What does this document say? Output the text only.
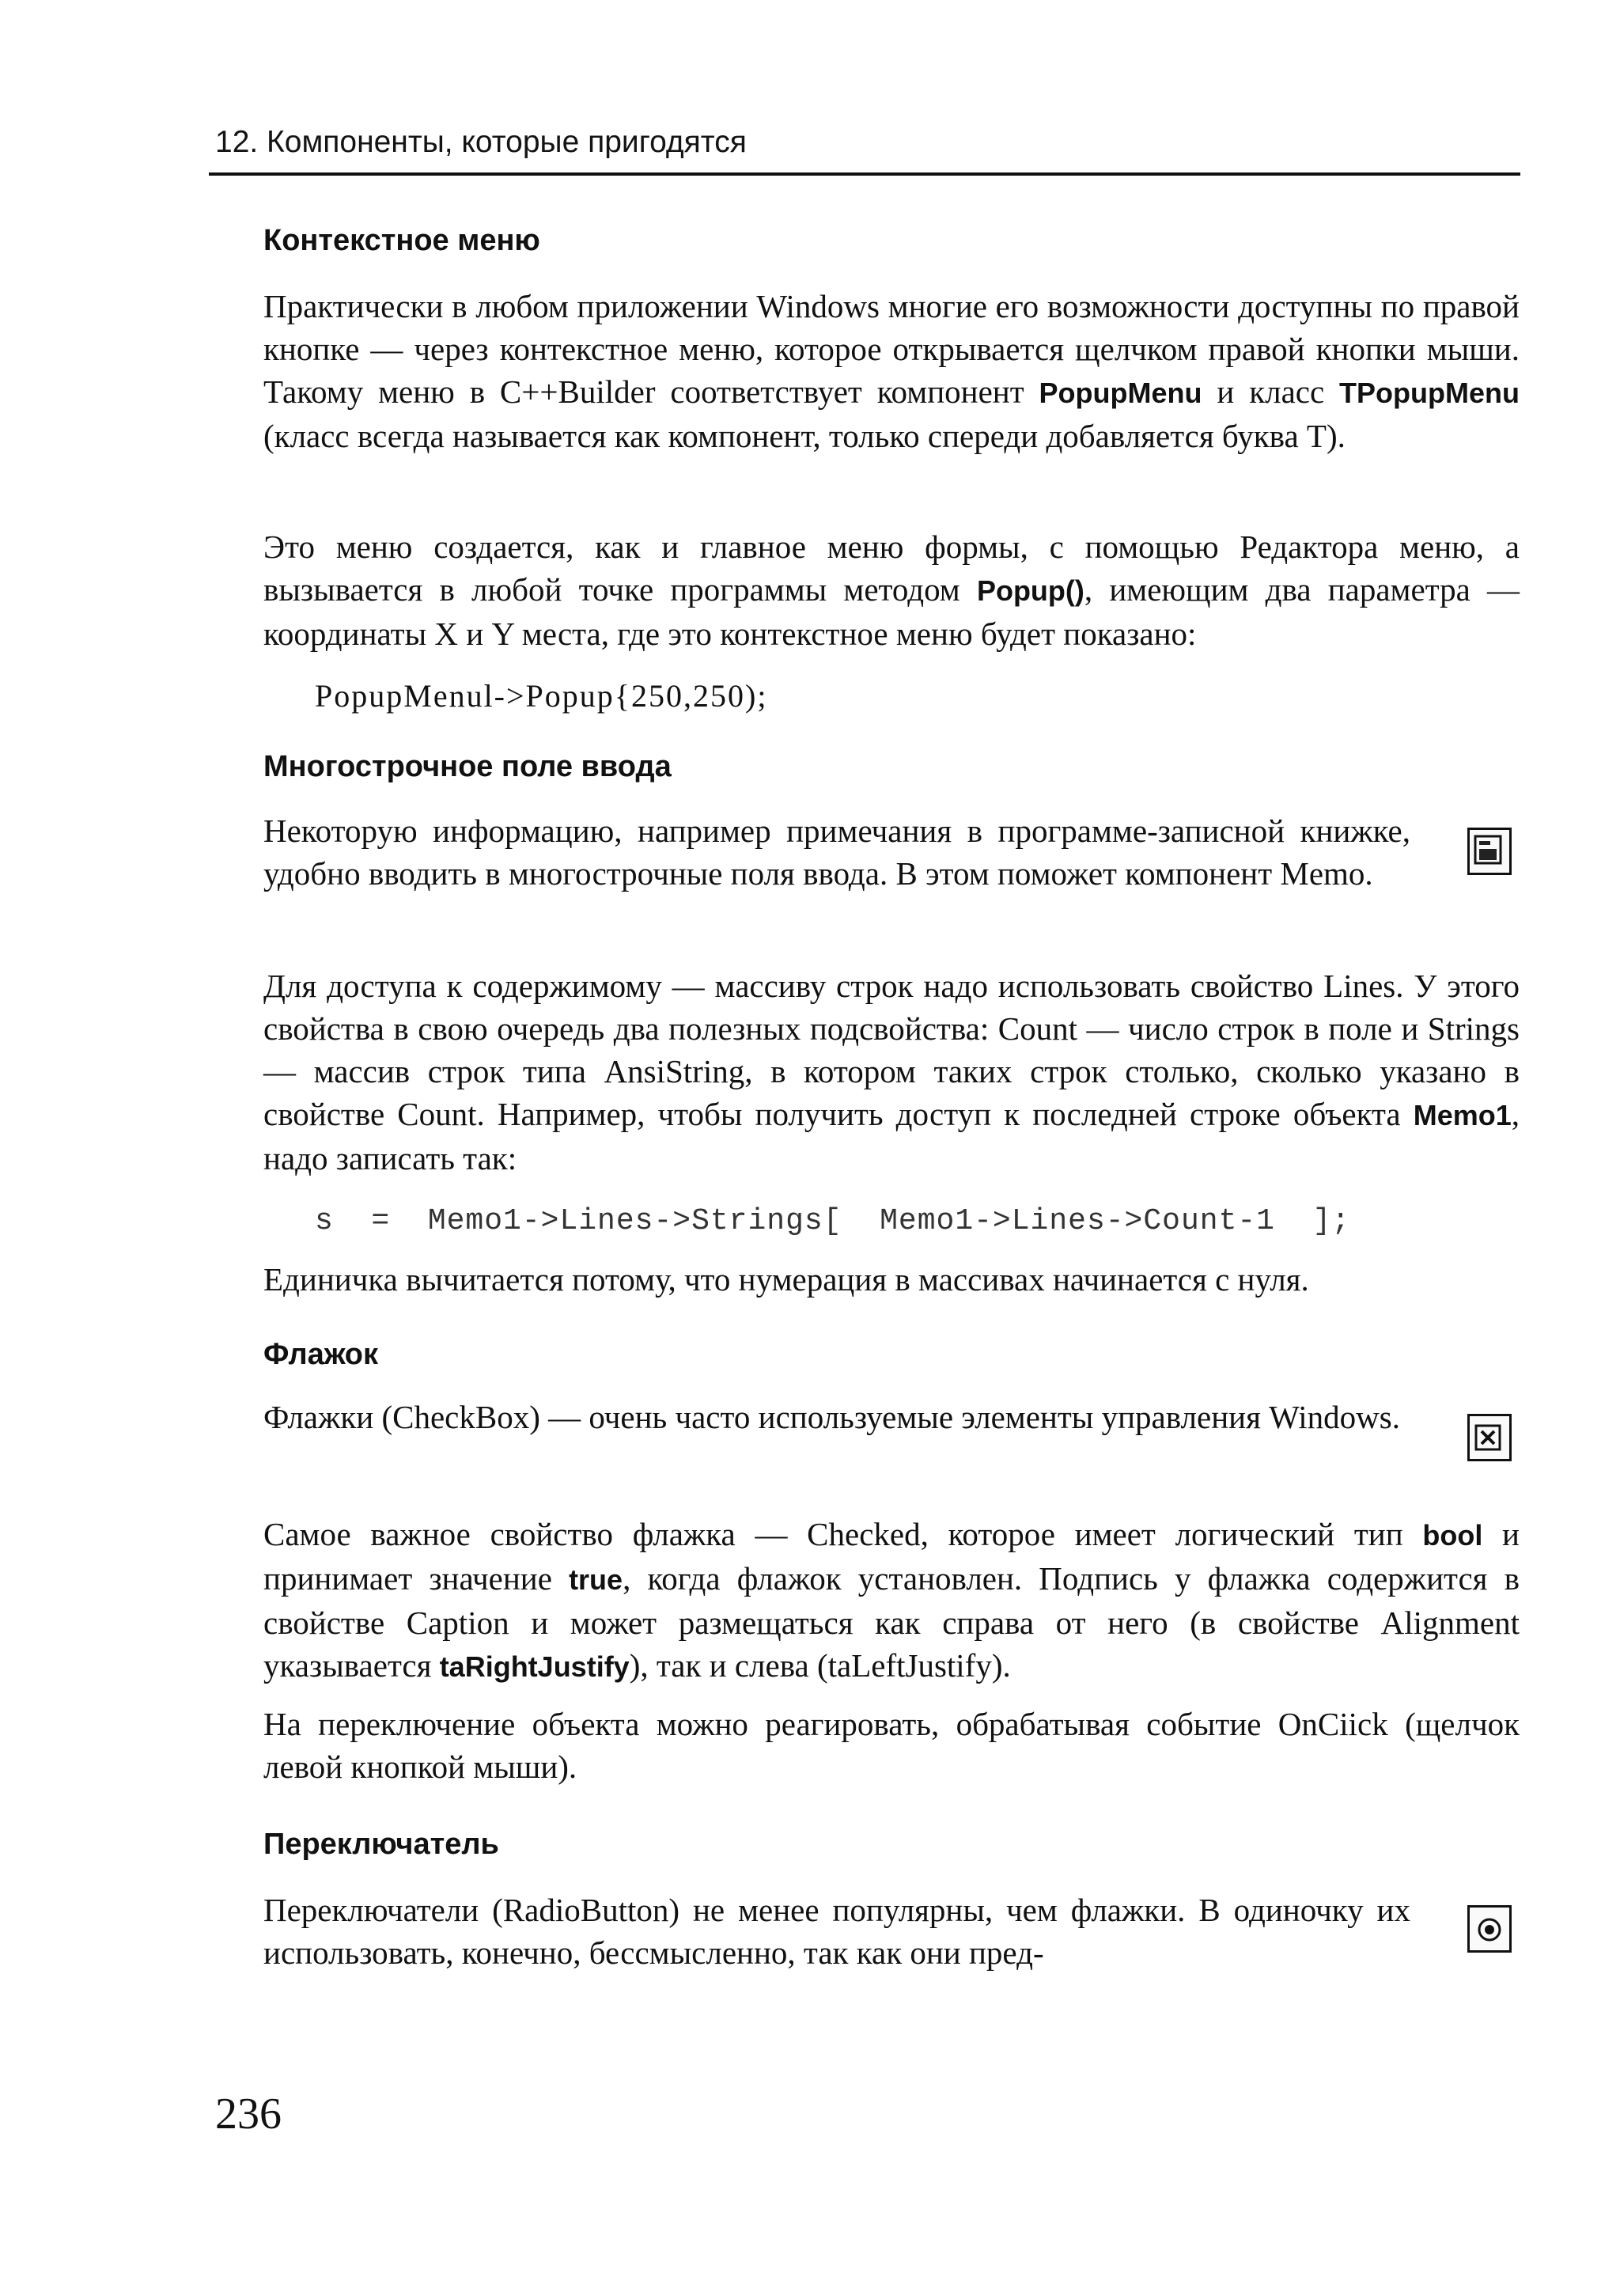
12. Компоненты, которые пригодятся
Контекстное меню

Практически в любом приложении Windows многие его возможности доступны по правой кнопке — через контекстное меню, которое открывается щелчком правой кнопки мыши. Такому меню в C++Builder соответствует компонент PopupMenu и класс TPopupMenu (класс всегда называется как компонент, только спереди добавляется буква T).

Это меню создается, как и главное меню формы, с помощью Редактора меню, а вызывается в любой точке программы методом Popup(), имеющим два параметра — координаты X и Y места, где это контекстное меню будет показано:

PopupMenul->Popup{250,250);
Многострочное поле ввода

Некоторую информацию, например примечания в программе-записной книжке, удобно вводить в многострочные поля ввода. В этом поможет компонент Memo.

Для доступа к содержимому — массиву строк надо использовать свойство Lines. У этого свойства в свою очередь два полезных подсвойства: Count — число строк в поле и Strings — массив строк типа AnsiString, в котором таких строк столько, сколько указано в свойстве Count. Например, чтобы получить доступ к последней строке объекта Memo1, надо записать так:

s  =  Memo1->Lines->Strings[  Memo1->Lines->Count-1  ];

Единичка вычитается потому, что нумерация в массивах начинается с нуля.

Флажок

Флажки (CheckBox) — очень часто используемые элементы управления Windows.

Самое важное свойство флажка — Checked, которое имеет логический тип bool и принимает значение true, когда флажок установлен. Подпись у флажка содержится в свойстве Caption и может размещаться как справа от него (в свойстве Alignment указывается taRightJustify), так и слева (taLeftJustify).

На переключение объекта можно реагировать, обрабатывая событие OnCiick (щелчок левой кнопкой мыши).

Переключатель

Переключатели (RadioButton) не менее популярны, чем флажки. В одиночку их использовать, конечно, бессмысленно, так как они пред-

236
